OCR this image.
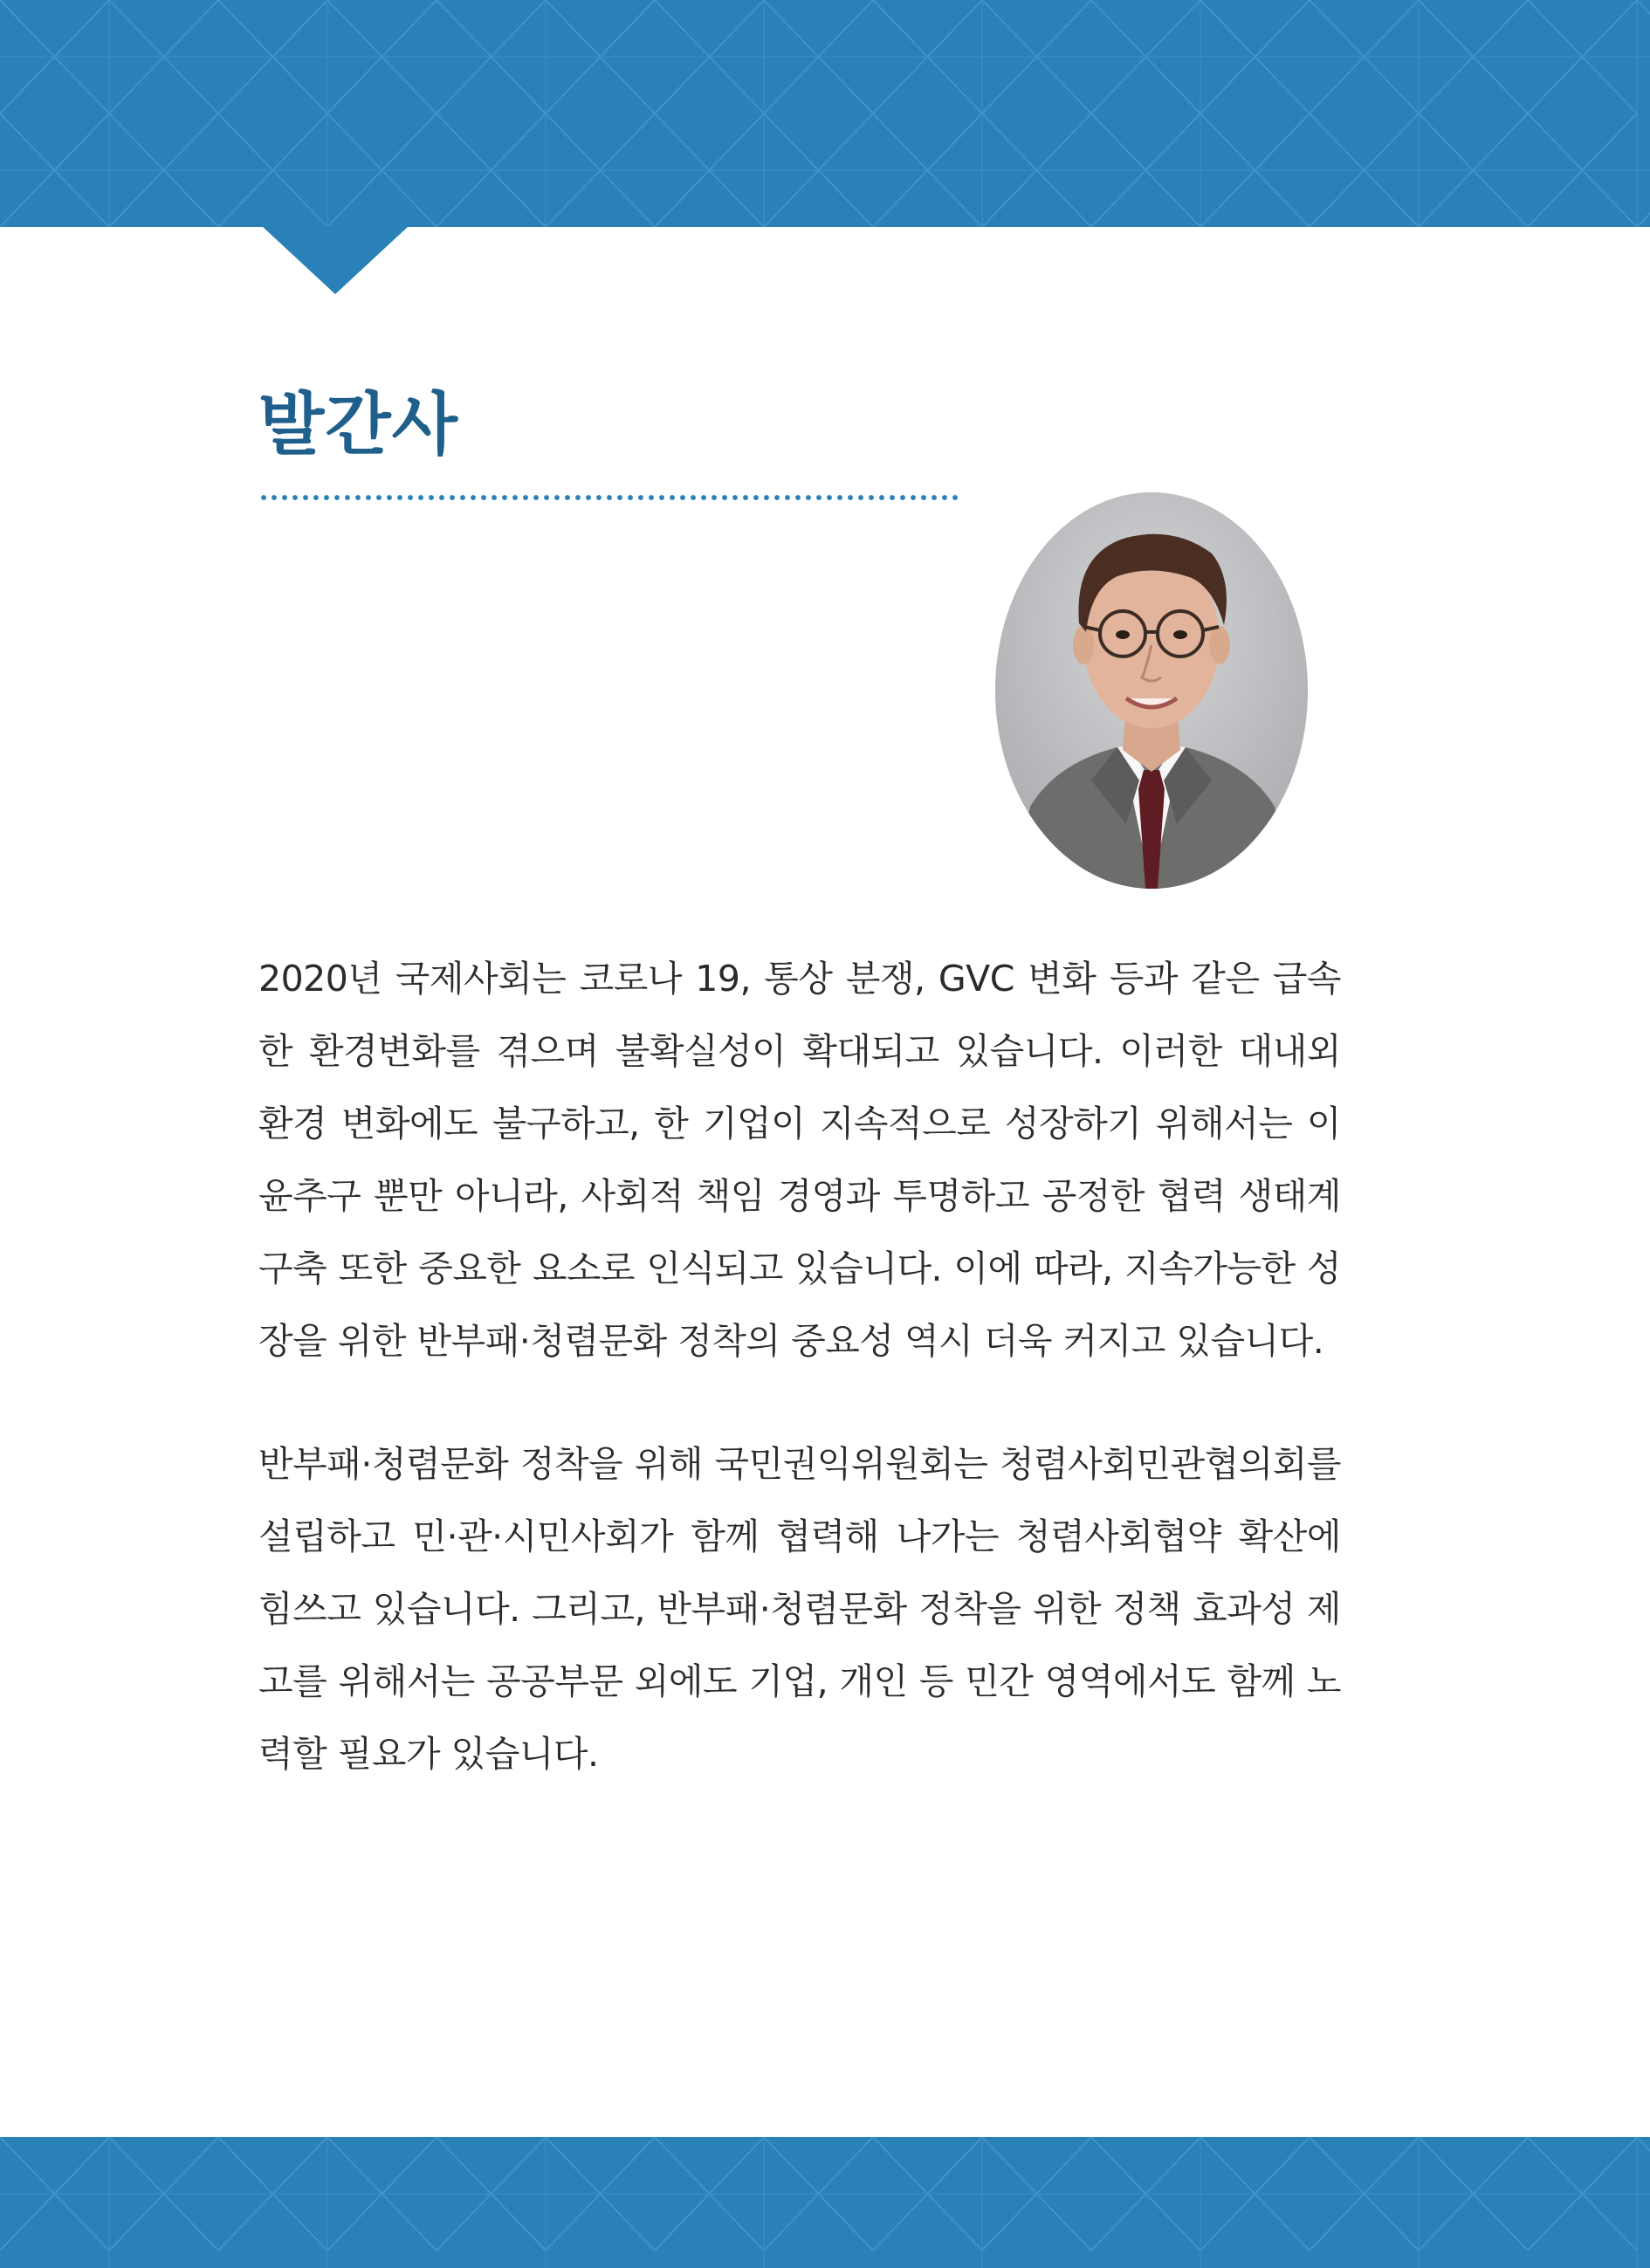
발간사

2020년 국제사회는 코로나 19, 통상 분쟁, GVC 변화 등과 같은 급속한 환경변화를 겪으며 불확실성이 확대되고 있습니다. 이러한 대내외 환경 변화에도 불구하고, 한 기업이 지속적으로 성장하기 위해서는 이윤추구 뿐만 아니라, 사회적 책임 경영과 투명하고 공정한 협력 생태계 구축 또한 중요한 요소로 인식되고 있습니다. 이에 따라, 지속가능한 성장을 위한 반부패·청렴문화 정착의 중요성 역시 더욱 커지고 있습니다.

반부패·청렴문화 정착을 위해 국민권익위원회는 청렴사회민관협의회를 설립하고 민·관·시민사회가 함께 협력해 나가는 청렴사회협약 확산에 힘쓰고 있습니다. 그리고, 반부패·청렴문화 정착을 위한 정책 효과성 제고를 위해서는 공공부문 외에도 기업, 개인 등 민간 영역에서도 함께 노력할 필요가 있습니다.
